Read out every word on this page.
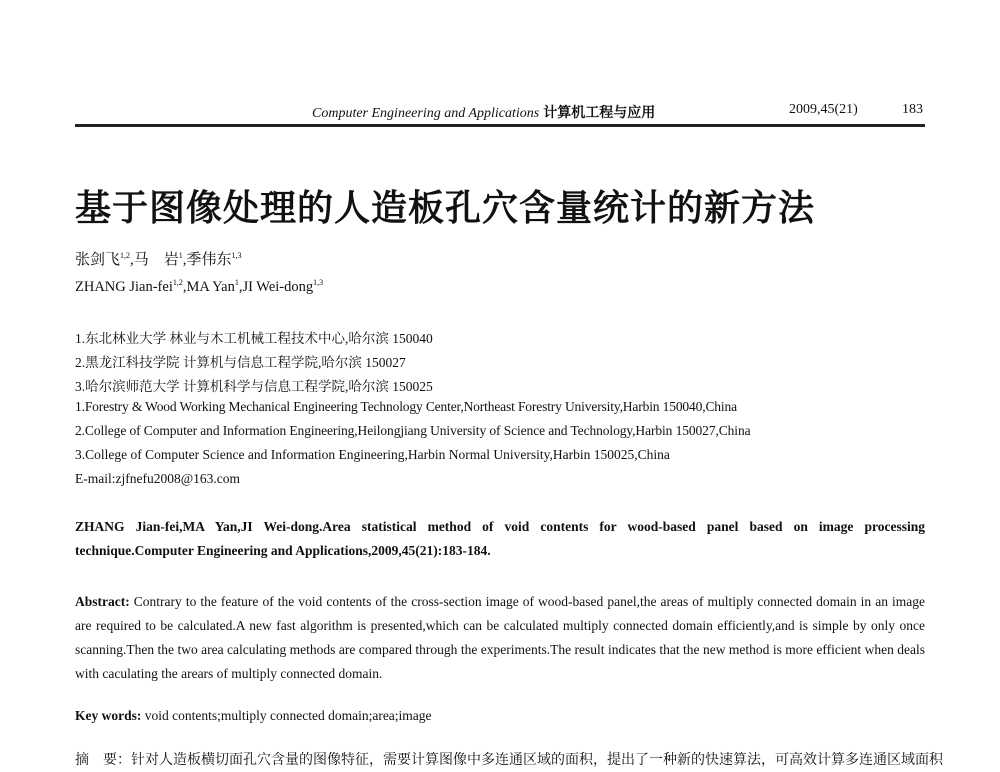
Computer Engineering and Applications 计算机工程与应用	2009,45(21)	183
基于图像处理的人造板孔穴含量统计的新方法
张剑飞$^{1,2}$,马　岩$^1$,季伟东$^{1,3}$
ZHANG Jian-fei$^{1,2}$,MA Yan$^1$,JI Wei-dong$^{1,3}$
1.东北林业大学 林业与木工机械工程技术中心,哈尔滨 150040
2.黑龙江科技学院 计算机与信息工程学院,哈尔滨 150027
3.哈尔滨师范大学 计算机科学与信息工程学院,哈尔滨 150025
1.Forestry & Wood Working Mechanical Engineering Technology Center,Northeast Forestry University,Harbin 150040,China
2.College of Computer and Information Engineering,Heilongjiang University of Science and Technology,Harbin 150027,China
3.College of Computer Science and Information Engineering,Harbin Normal University,Harbin 150025,China
E-mail:zjfnefu2008@163.com
ZHANG Jian-fei,MA Yan,JI Wei-dong.Area statistical method of void contents for wood-based panel based on image processing technique.Computer Engineering and Applications,2009,45(21):183-184.
Abstract: Contrary to the feature of the void contents of the cross-section image of wood-based panel,the areas of multiply connected domain in an image are required to be calculated.A new fast algorithm is presented,which can be calculated multiply connected domain efficiently,and is simple by only once scanning.Then the two area calculating methods are compared through the experiments.The result indicates that the new method is more efficient when deals with caculating the arears of multiply connected domain.
Key words: void contents;multiply connected domain;area;image
摘　要：针对人造板横切面孔穴含量的图像特征，需要计算图像中多连通区域的面积，提出了一种新的快速算法，可高效计算多连通区域面积
